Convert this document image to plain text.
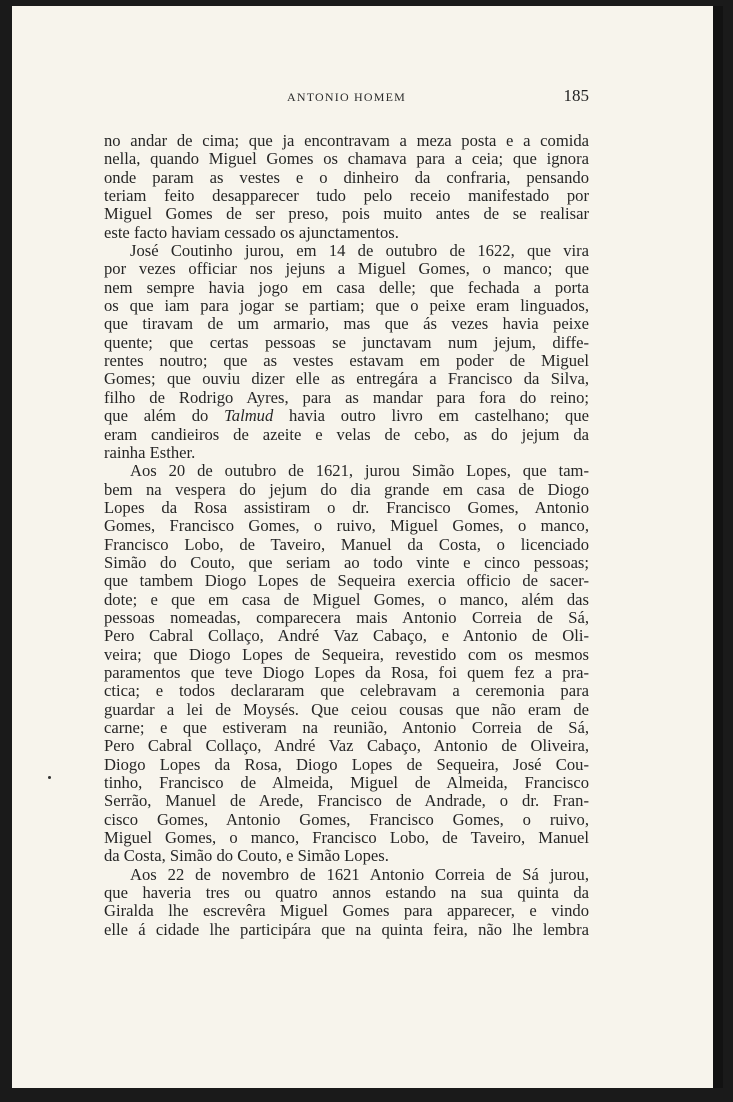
ANTONIO HOMEM	185
no andar de cima; que ja encontravam a meza posta e a comida
nella, quando Miguel Gomes os chamava para a ceia; que ignora
onde param as vestes e o dinheiro da confraria, pensando
teriam feito desapparecer tudo pelo receio manifestado por
Miguel Gomes de ser preso, pois muito antes de se realisar
este facto haviam cessado os ajunctamentos.
José Coutinho jurou, em 14 de outubro de 1622, que vira
por vezes officiar nos jejuns a Miguel Gomes, o manco; que
nem sempre havia jogo em casa delle; que fechada a porta
os que iam para jogar se partiam; que o peixe eram linguados,
que tiravam de um armario, mas que ás vezes havia peixe
quente; que certas pessoas se junctavam num jejum, diffe-
rentes noutro; que as vestes estavam em poder de Miguel
Gomes; que ouviu dizer elle as entregára a Francisco da Silva,
filho de Rodrigo Ayres, para as mandar para fora do reino;
que além do Talmud havia outro livro em castelhano; que
eram candieiros de azeite e velas de cebo, as do jejum da
rainha Esther.
Aos 20 de outubro de 1621, jurou Simão Lopes, que tam-
bem na vespera do jejum do dia grande em casa de Diogo
Lopes da Rosa assistiram o dr. Francisco Gomes, Antonio
Gomes, Francisco Gomes, o ruivo, Miguel Gomes, o manco,
Francisco Lobo, de Taveiro, Manuel da Costa, o licenciado
Simão do Couto, que seriam ao todo vinte e cinco pessoas;
que tambem Diogo Lopes de Sequeira exercia officio de sacer-
dote; e que em casa de Miguel Gomes, o manco, além das
pessoas nomeadas, comparecera mais Antonio Correia de Sá,
Pero Cabral Collaço, André Vaz Cabaço, e Antonio de Oli-
veira; que Diogo Lopes de Sequeira, revestido com os mesmos
paramentos que teve Diogo Lopes da Rosa, foi quem fez a pra-
ctica; e todos declararam que celebravam a ceremonia para
guardar a lei de Moysés. Que ceiou cousas que não eram de
carne; e que estiveram na reunião, Antonio Correia de Sá,
Pero Cabral Collaço, André Vaz Cabaço, Antonio de Oliveira,
Diogo Lopes da Rosa, Diogo Lopes de Sequeira, José Cou-
tinho, Francisco de Almeida, Miguel de Almeida, Francisco
Serrão, Manuel de Arede, Francisco de Andrade, o dr. Fran-
cisco Gomes, Antonio Gomes, Francisco Gomes, o ruivo,
Miguel Gomes, o manco, Francisco Lobo, de Taveiro, Manuel
da Costa, Simão do Couto, e Simão Lopes.
Aos 22 de novembro de 1621 Antonio Correia de Sá jurou,
que haveria tres ou quatro annos estando na sua quinta da
Giralda lhe escrevêra Miguel Gomes para apparecer, e vindo
elle á cidade lhe participára que na quinta feira, não lhe lembra
